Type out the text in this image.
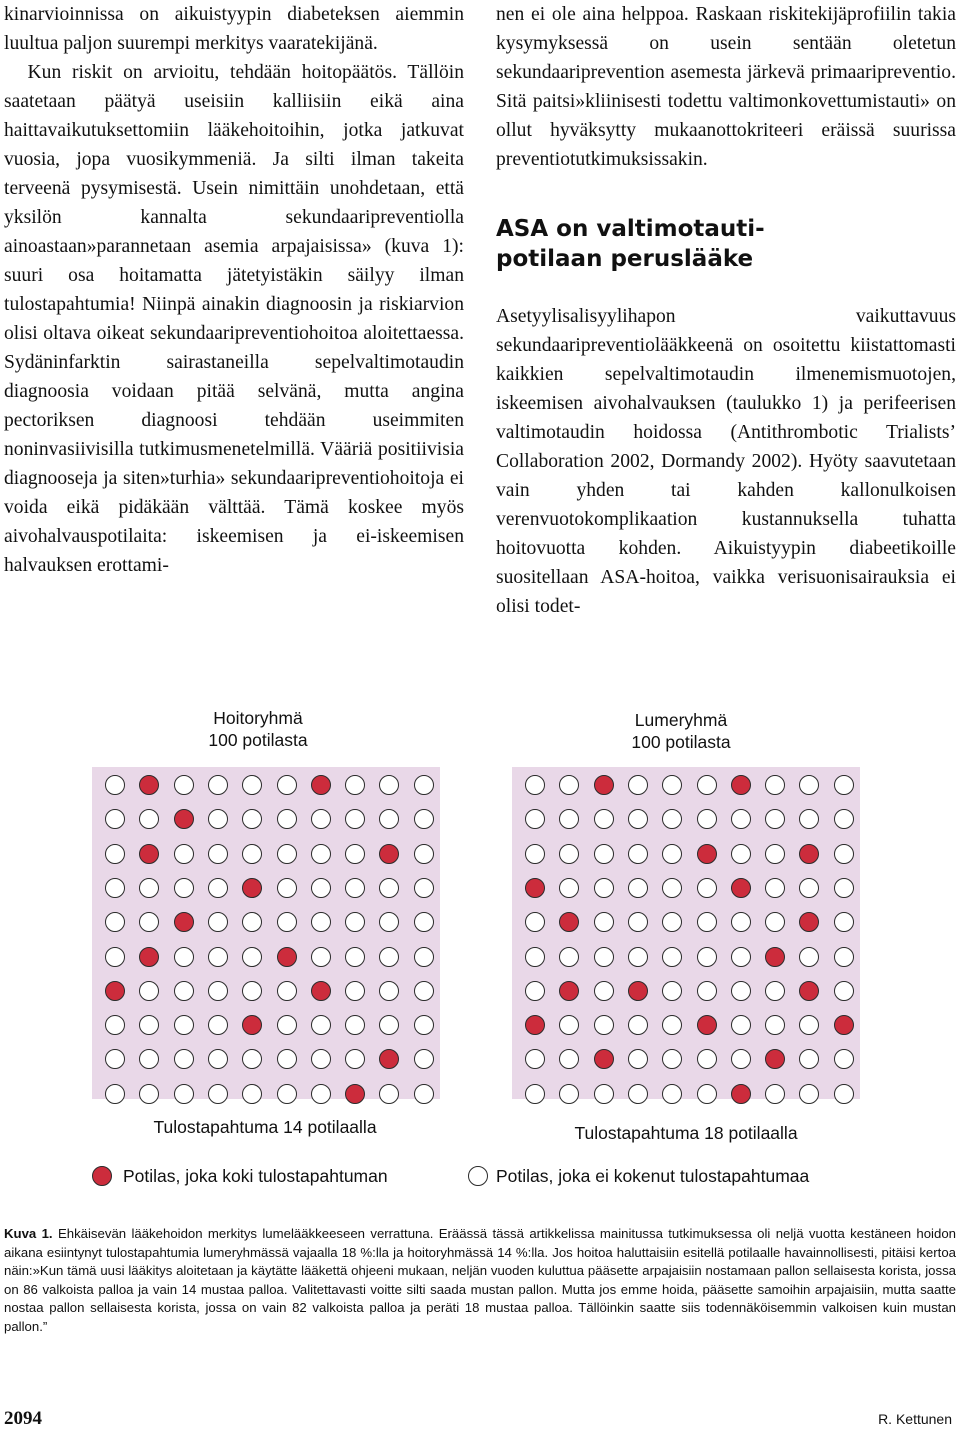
kinarvioinnissa on aikuistyypin diabeteksen aiemmin luultua paljon suurempi merkitys vaaratekijänä.

Kun riskit on arvioitu, tehdään hoitopäätös. Tällöin saatetaan päätyä useisiin kalliisiin eikä aina haittavaikutuksettomiin lääkehoitoihin, jotka jatkuvat vuosia, jopa vuosikymmeniä. Ja silti ilman takeita terveenä pysymisestä. Usein nimittäin unohdetaan, että yksilön kannalta sekundaaripreventiolla ainoastaan»parannetaan asemia arpajaisissa» (kuva 1): suuri osa hoitamatta jätetyistäkin säilyy ilman tulostapahtumia! Niinpä ainakin diagnoosin ja riskiarvion olisi oltava oikeat sekundaaripreventiohoitoa aloitettaessa. Sydäninfarktin sairastaneilla sepelvaltimotaudin diagnoosia voidaan pitää selvänä, mutta angina pectoriksen diagnoosi tehdään useimmiten noninvasiivisilla tutkimusmenetelmillä. Vääriä positiivisia diagnooseja ja siten»turhia» sekundaaripreventiohoitoja ei voida eikä pidäkään välttää. Tämä koskee myös aivohalvauspotilaita: iskeemisen ja ei-iskeemisen halvauksen erottami-

nen ei ole aina helppoa. Raskaan riskitekijäprofiilin takia kysymyksessä on usein sentään oletetun sekundaariprevention asemesta järkevä primaaripreventio. Sitä paitsi»kliinisesti todettu valtimonkovettumistauti» on ollut hyväksytty mukaanottokriteeri eräissä suurissa preventiotutkimuksissakin.

ASA on valtimotauti-
potilaan peruslääke

Asetyylisalisyylihapon vaikuttavuus sekundaaripreventiolääkkeenä on osoitettu kiistattomasti kaikkien sepelvaltimotaudin ilmenemismuotojen, iskeemisen aivohalvauksen (taulukko 1) ja perifeerisen valtimotaudin hoidossa (Antithrombotic Trialists’ Collaboration 2002, Dormandy 2002). Hyöty saavutetaan vain yhden tai kahden kallonulkoisen verenvuotokomplikaation kustannuksella tuhatta hoitovuotta kohden. Aikuistyypin diabeetikoille suositellaan ASA-hoitoa, vaikka verisuonisairauksia ei olisi todet-

Hoitoryhmä
100 potilasta
Tulostapahtuma 14 potilaalla
Lumeryhmä
100 potilasta
Tulostapahtuma 18 potilaalla
Potilas, joka koki tulostapahtuman	Potilas, joka ei kokenut tulostapahtumaa
Kuva 1. Ehkäisevän lääkehoidon merkitys lumelääkkeeseen verrattuna. Eräässä tässä artikkelissa mainitussa tutkimuksessa oli neljä vuotta kestäneen hoidon aikana esiintynyt tulostapahtumia lumeryhmässä vajaalla 18 %:lla ja hoitoryhmässä 14 %:lla. Jos hoitoa haluttaisiin esitellä potilaalle havainnollisesti, pitäisi kertoa näin:»Kun tämä uusi lääkitys aloitetaan ja käytätte lääkettä ohjeeni mukaan, neljän vuoden kuluttua pääsette arpajaisiin nostamaan pallon sellaisesta korista, jossa on 86 valkoista palloa ja vain 14 mustaa palloa. Valitettavasti voitte silti saada mustan pallon. Mutta jos emme hoida, pääsette samoihin arpajaisiin, mutta saatte nostaa pallon sellaisesta korista, jossa on vain 82 valkoista palloa ja peräti 18 mustaa palloa. Tällöinkin saatte siis todennäköisemmin valkoisen kuin mustan pallon.”
2094	R. Kettunen
